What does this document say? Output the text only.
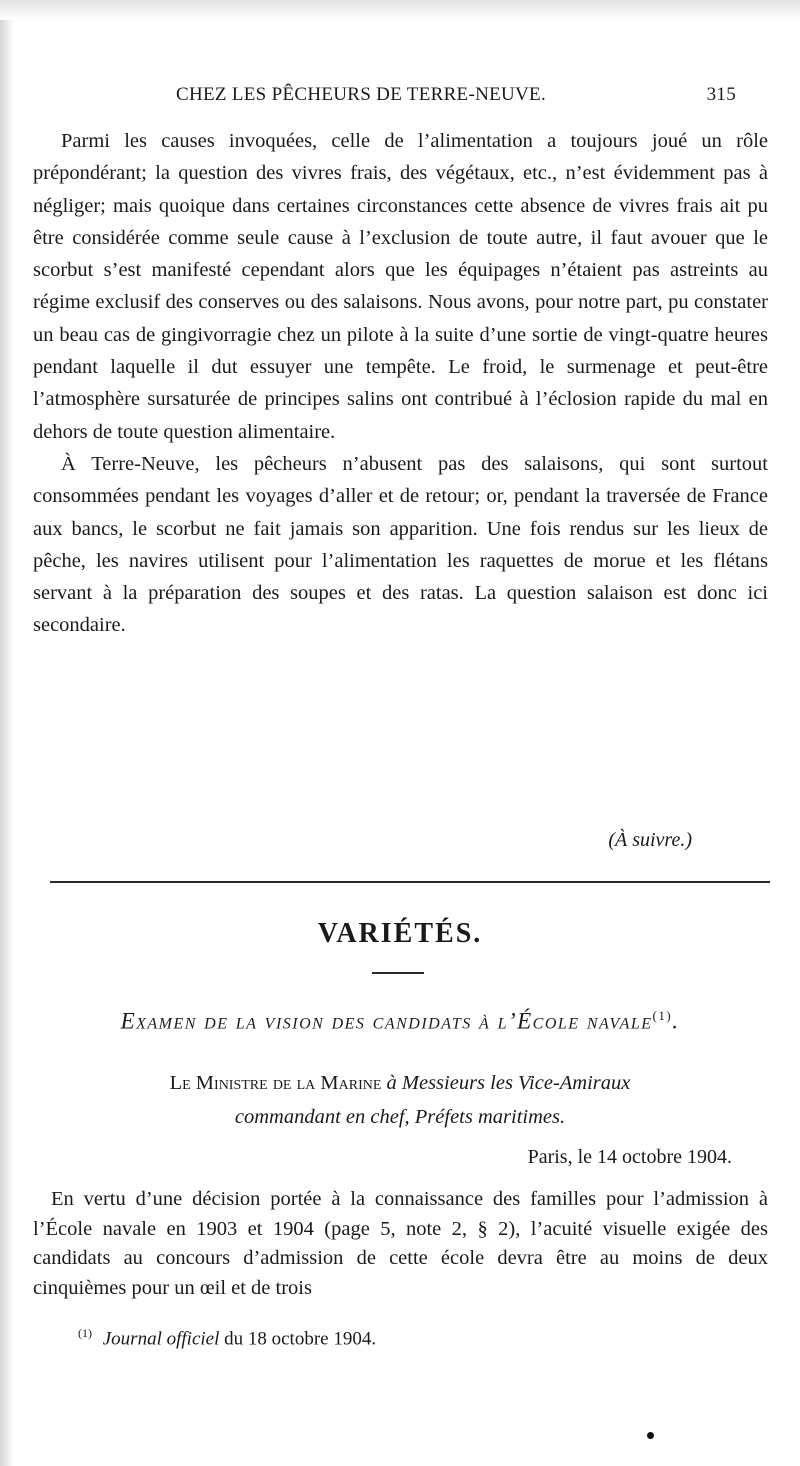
CHEZ LES PÊCHEURS DE TERRE-NEUVE.	315

Parmi les causes invoquées, celle de l’alimentation a toujours joué un rôle prépondérant; la question des vivres frais, des végétaux, etc., n’est évidemment pas à négliger; mais quoique dans certaines circonstances cette absence de vivres frais ait pu être considérée comme seule cause à l’exclusion de toute autre, il faut avouer que le scorbut s’est manifesté cependant alors que les équipages n’étaient pas astreints au régime exclusif des conserves ou des salaisons. Nous avons, pour notre part, pu constater un beau cas de gingivorragie chez un pilote à la suite d’une sortie de vingt-quatre heures pendant laquelle il dut essuyer une tempête. Le froid, le surmenage et peut-être l’atmosphère sursaturée de principes salins ont contribué à l’éclosion rapide du mal en dehors de toute question alimentaire.

À Terre-Neuve, les pêcheurs n’abusent pas des salaisons, qui sont surtout consommées pendant les voyages d’aller et de retour; or, pendant la traversée de France aux bancs, le scorbut ne fait jamais son apparition. Une fois rendus sur les lieux de pêche, les navires utilisent pour l’alimentation les raquettes de morue et les flétans servant à la préparation des soupes et des ratas. La question salaison est donc ici secondaire.

(À suivre.)
VARIÉTÉS.
Examen de la vision des candidats à l’École navale$^{(1)}$.
Le Ministre de la Marine à Messieurs les Vice-Amiraux
commandant en chef, Préfets maritimes.
Paris, le 14 octobre 1904.

En vertu d’une décision portée à la connaissance des familles pour l’admission à l’École navale en 1903 et 1904 (page 5, note 2, § 2), l’acuité visuelle exigée des candidats au concours d’admission de cette école devra être au moins de deux cinquièmes pour un œil et de trois

$^{(1)}$ Journal officiel du 18 octobre 1904.
